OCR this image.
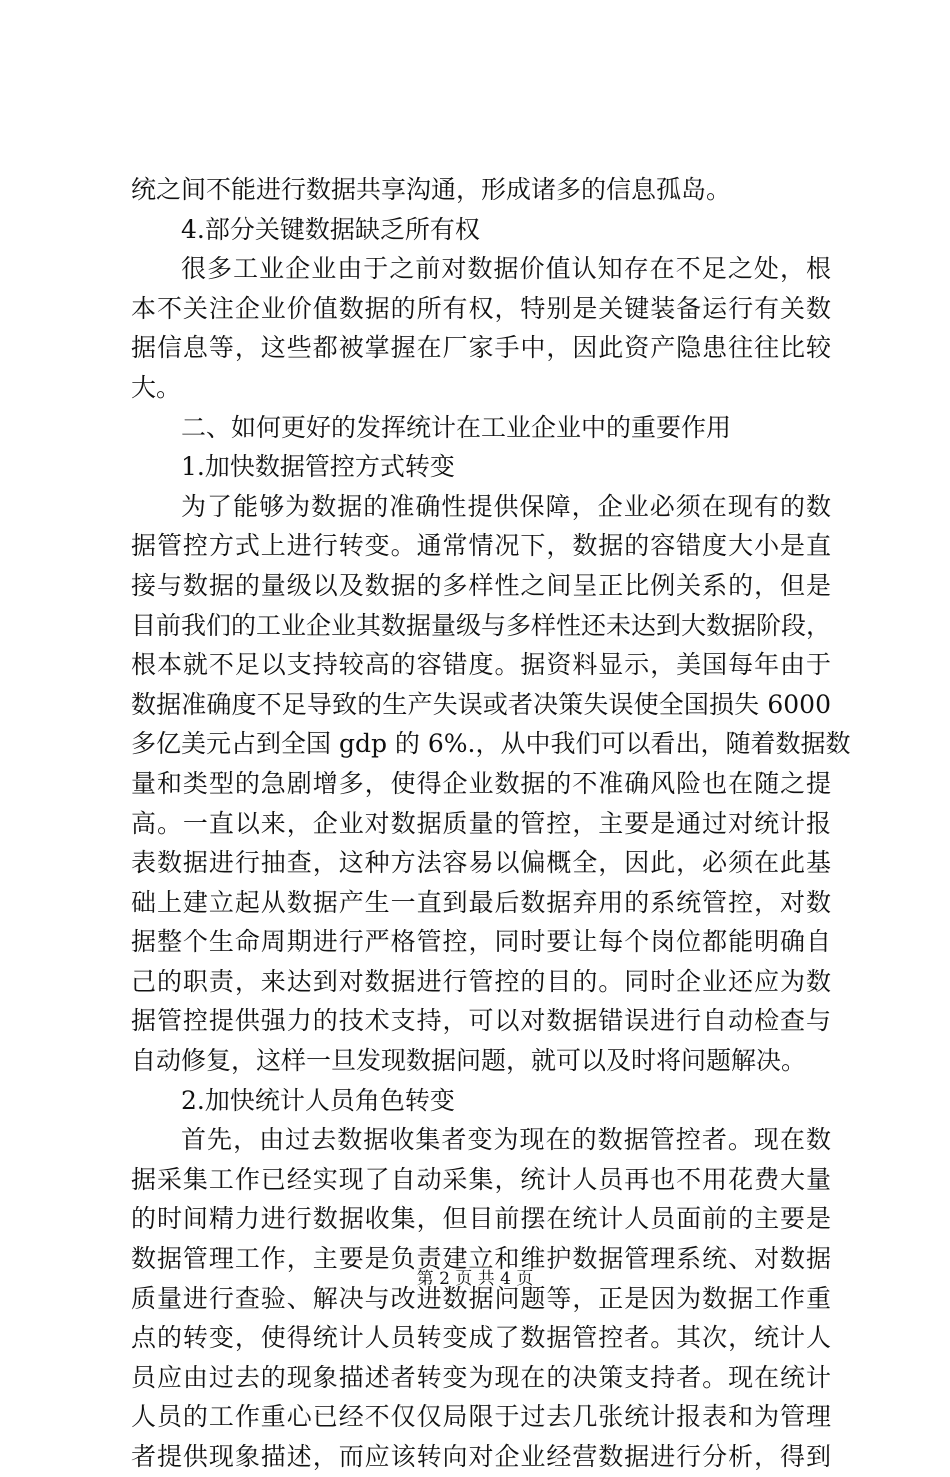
统之间不能进行数据共享沟通，形成诸多的信息孤岛。
4.部分关键数据缺乏所有权
很多工业企业由于之前对数据价值认知存在不足之处，根
本不关注企业价值数据的所有权，特别是关键装备运行有关数
据信息等，这些都被掌握在厂家手中，因此资产隐患往往比较
大。
二、如何更好的发挥统计在工业企业中的重要作用
1.加快数据管控方式转变
为了能够为数据的准确性提供保障，企业必须在现有的数
据管控方式上进行转变。通常情况下，数据的容错度大小是直
接与数据的量级以及数据的多样性之间呈正比例关系的，但是
目前我们的工业企业其数据量级与多样性还未达到大数据阶段，
根本就不足以支持较高的容错度。据资料显示，美国每年由于
数据准确度不足导致的生产失误或者决策失误使全国损失 6000
多亿美元占到全国 gdp 的 6%.，从中我们可以看出，随着数据数
量和类型的急剧增多，使得企业数据的不准确风险也在随之提
高。一直以来，企业对数据质量的管控，主要是通过对统计报
表数据进行抽查，这种方法容易以偏概全，因此，必须在此基
础上建立起从数据产生一直到最后数据弃用的系统管控，对数
据整个生命周期进行严格管控，同时要让每个岗位都能明确自
己的职责，来达到对数据进行管控的目的。同时企业还应为数
据管控提供强力的技术支持，可以对数据错误进行自动检查与
自动修复，这样一旦发现数据问题，就可以及时将问题解决。
2.加快统计人员角色转变
首先，由过去数据收集者变为现在的数据管控者。现在数
据采集工作已经实现了自动采集，统计人员再也不用花费大量
的时间精力进行数据收集，但目前摆在统计人员面前的主要是
数据管理工作，主要是负责建立和维护数据管理系统、对数据
质量进行查验、解决与改进数据问题等，正是因为数据工作重
点的转变，使得统计人员转变成了数据管控者。其次，统计人
员应由过去的现象描述者转变为现在的决策支持者。现在统计
人员的工作重心已经不仅仅局限于过去几张统计报表和为管理
者提供现象描述，而应该转向对企业经营数据进行分析，得到
第 2 页 共 4 页
